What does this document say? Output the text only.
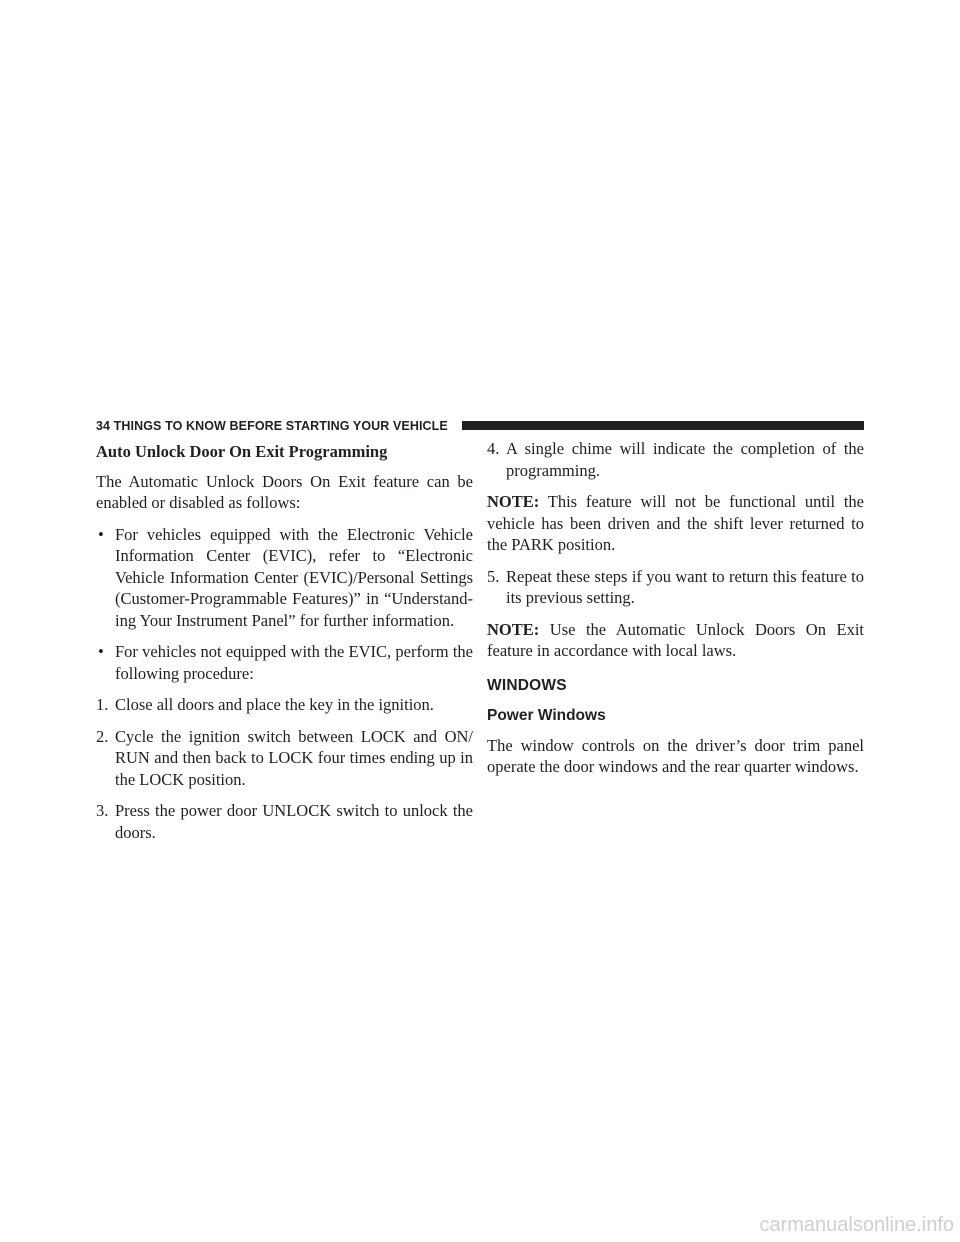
34 THINGS TO KNOW BEFORE STARTING YOUR VEHICLE

Auto Unlock Door On Exit Programming

The Automatic Unlock Doors On Exit feature can be enabled or disabled as follows:

• For vehicles equipped with the Electronic Vehicle Information Center (EVIC), refer to “Electronic Vehicle Information Center (EVIC)/Personal Settings (Customer-Programmable Features)” in “Understand-ing Your Instrument Panel” for further information.

• For vehicles not equipped with the EVIC, perform the following procedure:

1. Close all doors and place the key in the ignition.

2. Cycle the ignition switch between LOCK and ON/ RUN and then back to LOCK four times ending up in the LOCK position.

3. Press the power door UNLOCK switch to unlock the doors.

4. A single chime will indicate the completion of the programming.

NOTE: This feature will not be functional until the vehicle has been driven and the shift lever returned to the PARK position.

5. Repeat these steps if you want to return this feature to its previous setting.

NOTE: Use the Automatic Unlock Doors On Exit feature in accordance with local laws.

WINDOWS

Power Windows

The window controls on the driver’s door trim panel operate the door windows and the rear quarter windows.

carmanualsonline.info
